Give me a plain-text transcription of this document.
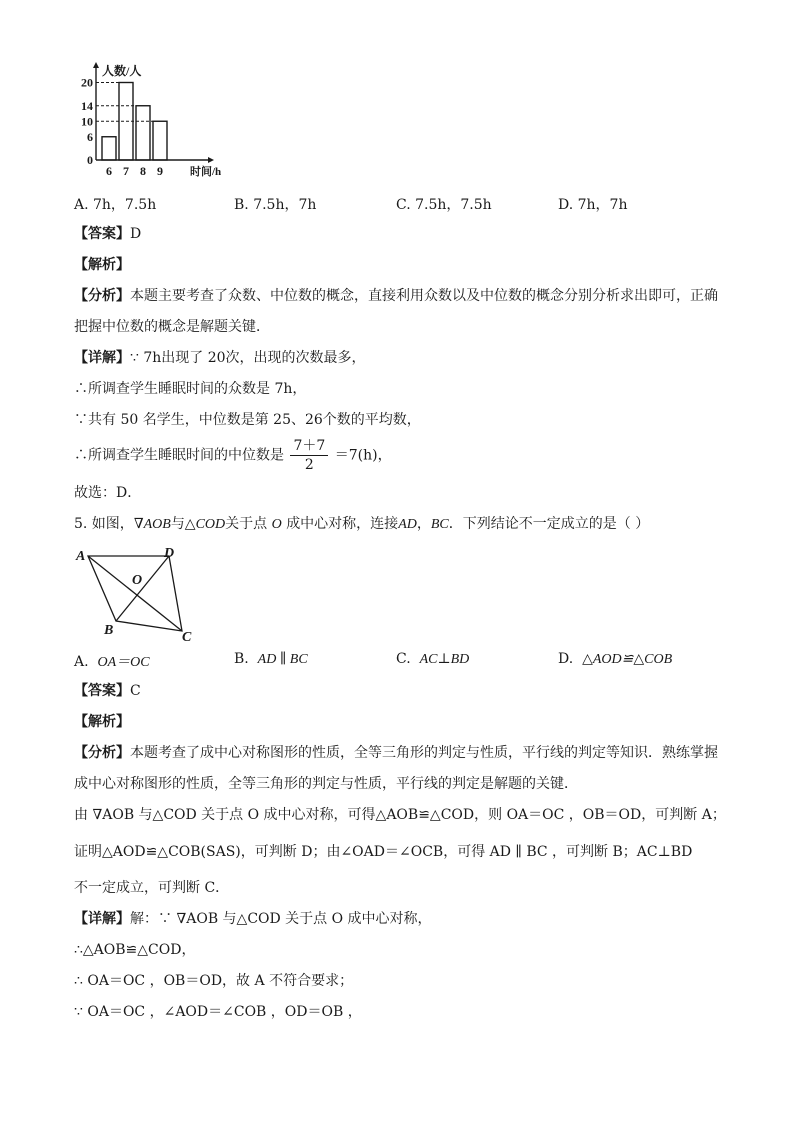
0
6
10
14
20
6 7 8 9
人数/人
时间/h
A. 7h，7.5h	B. 7.5h，7h	C. 7.5h，7.5h	D. 7h，7h
【答案】D
【解析】
【分析】本题主要考查了众数、中位数的概念，直接利用众数以及中位数的概念分别分析求出即可，正确
把握中位数的概念是解题关键．
【详解】∵ 7h出现了 20次，出现的次数最多，
∴所调查学生睡眠时间的众数是 7h，
∵共有 50 名学生，中位数是第 25、26个数的平均数，
∴所调查学生睡眠时间的中位数是 $\frac{7+7}{2} =7(h)$，
故选：D．
5. 如图，∇AOB与△COD关于点 O 成中心对称，连接AD，BC．下列结论不一定成立的是（ ）
A	D
O
B	C
A. OA＝OC	B. AD ∥ BC	C. AC⊥BD	D. △AOD≌△COB
【答案】C
【解析】
【分析】本题考查了成中心对称图形的性质，全等三角形的判定与性质，平行线的判定等知识．熟练掌握
成中心对称图形的性质，全等三角形的判定与性质，平行线的判定是解题的关键．
由 ∇AOB 与△COD 关于点 O 成中心对称，可得△AOB≌△COD，则 OA＝OC ，OB＝OD，可判断 A；
证明△AOD≌△COB(SAS)，可判断 D；由∠OAD＝∠OCB，可得 AD ∥ BC ，可判断 B；AC⊥BD
不一定成立，可判断 C．
【详解】解：∵ ∇AOB 与△COD 关于点 O 成中心对称，
∴△AOB≌△COD，
∴ OA＝OC ，OB＝OD，故 A 不符合要求；
∵ OA＝OC ，∠AOD＝∠COB ，OD＝OB ，
